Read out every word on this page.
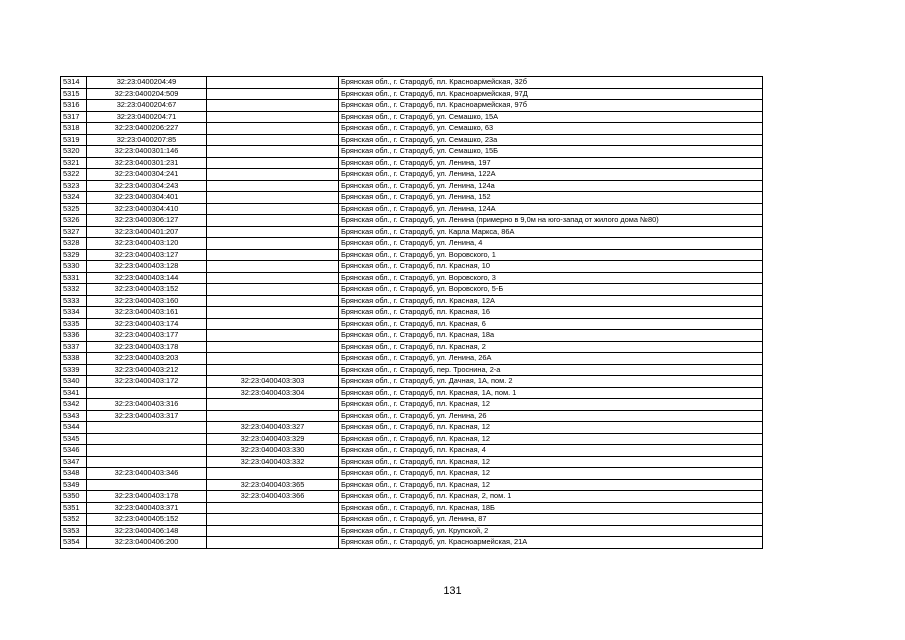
5314	32:23:0400204:49		Брянская обл., г. Стародуб, пл. Красноармейская, 32б
5315	32:23:0400204:509		Брянская обл., г. Стародуб, пл. Красноармейская, 97Д
5316	32:23:0400204:67		Брянская обл., г. Стародуб, пл. Красноармейская, 97б
5317	32:23:0400204:71		Брянская обл., г. Стародуб, ул. Семашко, 15А
5318	32:23:0400206:227		Брянская обл., г. Стародуб, ул. Семашко, 63
5319	32:23:0400207:85		Брянская обл., г. Стародуб, ул. Семашко, 23а
5320	32:23:0400301:146		Брянская обл., г. Стародуб, ул. Семашко, 15Б
5321	32:23:0400301:231		Брянская обл., г. Стародуб, ул. Ленина, 197
5322	32:23:0400304:241		Брянская обл., г. Стародуб, ул. Ленина, 122А
5323	32:23:0400304:243		Брянская обл., г. Стародуб, ул. Ленина, 124а
5324	32:23:0400304:401		Брянская обл., г. Стародуб, ул. Ленина, 152
5325	32:23:0400304:410		Брянская обл., г. Стародуб, ул. Ленина, 124А
5326	32:23:0400306:127		Брянская обл., г. Стародуб, ул. Ленина (примерно в 9,0м на юго-запад от жилого дома №80)
5327	32:23:0400401:207		Брянская обл., г. Стародуб, ул. Карла Маркса, 86А
5328	32:23:0400403:120		Брянская обл., г. Стародуб, ул. Ленина, 4
5329	32:23:0400403:127		Брянская обл., г. Стародуб, ул. Воровского, 1
5330	32:23:0400403:128		Брянская обл., г. Стародуб, пл. Красная, 10
5331	32:23:0400403:144		Брянская обл., г. Стародуб, ул. Воровского, 3
5332	32:23:0400403:152		Брянская обл., г. Стародуб, ул. Воровского, 5-Б
5333	32:23:0400403:160		Брянская обл., г. Стародуб, пл. Красная, 12А
5334	32:23:0400403:161		Брянская обл., г. Стародуб, пл. Красная, 16
5335	32:23:0400403:174		Брянская обл., г. Стародуб, пл. Красная, 6
5336	32:23:0400403:177		Брянская обл., г. Стародуб, пл. Красная, 18а
5337	32:23:0400403:178		Брянская обл., г. Стародуб, пл. Красная, 2
5338	32:23:0400403:203		Брянская обл., г. Стародуб, ул. Ленина, 26А
5339	32:23:0400403:212		Брянская обл., г. Стародуб, пер. Троснина, 2-а
5340	32:23:0400403:172	32:23:0400403:303	Брянская обл., г. Стародуб, ул. Дачная, 1А, пом. 2
5341		32:23:0400403:304	Брянская обл., г. Стародуб, пл. Красная, 1А, пом. 1
5342	32:23:0400403:316		Брянская обл., г. Стародуб, пл. Красная, 12
5343	32:23:0400403:317		Брянская обл., г. Стародуб, ул. Ленина, 26
5344		32:23:0400403:327	Брянская обл., г. Стародуб, пл. Красная, 12
5345		32:23:0400403:329	Брянская обл., г. Стародуб, пл. Красная, 12
5346		32:23:0400403:330	Брянская обл., г. Стародуб, пл. Красная, 4
5347		32:23:0400403:332	Брянская обл., г. Стародуб, пл. Красная, 12
5348	32:23:0400403:346		Брянская обл., г. Стародуб, пл. Красная, 12
5349		32:23:0400403:365	Брянская обл., г. Стародуб, пл. Красная, 12
5350	32:23:0400403:178	32:23:0400403:366	Брянская обл., г. Стародуб, пл. Красная, 2, пом. 1
5351	32:23:0400403:371		Брянская обл., г. Стародуб, пл. Красная, 18Б
5352	32:23:0400405:152		Брянская обл., г. Стародуб, ул. Ленина, 87
5353	32:23:0400406:148		Брянская обл., г. Стародуб, ул. Крупской, 2
5354	32:23:0400406:200		Брянская обл., г. Стародуб, ул. Красноармейская, 21А
131
